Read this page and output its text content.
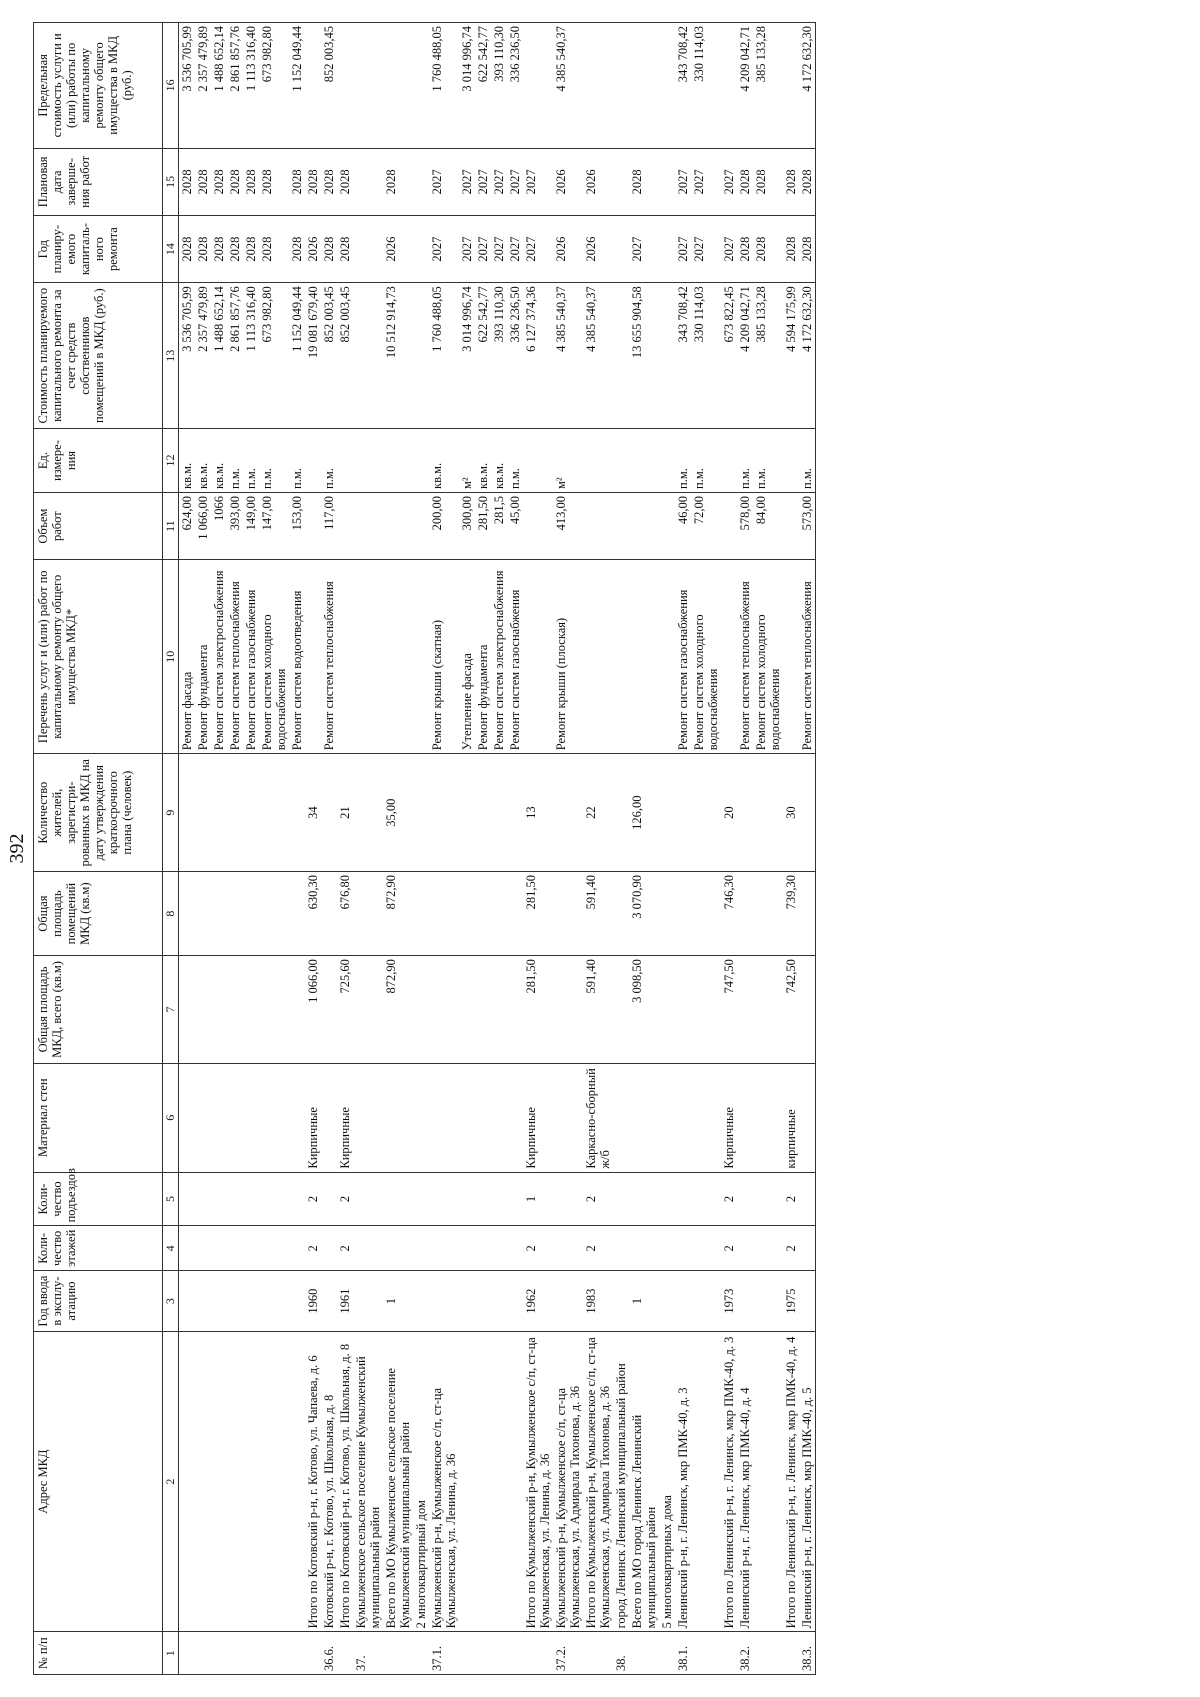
392
№ п/п	Адрес МКД	Год ввода в эксплу-атацию	Коли-чество этажей	Коли-чество подъездов	Материал стен	Общая площадь МКД, всего (кв.м)	Общая площадь помещений МКД (кв.м)	Количество жителей, зарегистри-рованных в МКД на дату утверждения краткосрочного плана (человек)	Перечень услуг и (или) работ по капитальному ремонту общего имущества МКД*	Объем работ	Ед. измере-ния	Стоимость планируемого капитального ремонта за счет средств собственников помещений в МКД (руб.)	Год планиру-емого капиталь-ного ремонта	Плановая дата заверше-ния работ	Предельная стоимость услуги и (или) работы по капитальному ремонту общего имущества в МКД (руб.)
1	2	3	4	5	6	7	8	9	10	11	12	13	14	15	16
									Ремонт фасада	624,00	кв.м.	3 536 705,99	2028	2028	3 536 705,99
									Ремонт фундамента	1 066,00	кв.м.	2 357 479,89	2028	2028	2 357 479,89
									Ремонт систем электроснабжения	1066	кв.м.	1 488 652,14	2028	2028	1 488 652,14
									Ремонт систем теплоснабжения	393,00	п.м.	2 861 857,76	2028	2028	2 861 857,76
									Ремонт систем газоснабжения	149,00	п.м.	1 113 316,40	2028	2028	1 113 316,40
									Ремонт систем холодного водоснабжения	147,00	п.м.	673 982,80	2028	2028	673 982,80
									Ремонт систем водоотведения	153,00	п.м.	1 152 049,44	2028	2028	1 152 049,44
	Итого по Котовский р-н, г. Котово, ул. Чапаева, д. 6	1960	2	2	Кирпичные	1 066,00	630,30	34				19 081 679,40	2026	2028	
36.6.	Котовский р-н, г. Котово, ул. Школьная, д. 8								Ремонт систем теплоснабжения	117,00	п.м.	852 003,45	2028	2028	852 003,45
	Итого по Котовский р-н, г. Котово, ул. Школьная, д. 8	1961	2	2	Кирпичные	725,60	676,80	21				852 003,45	2028	2028	
37.	Кумылженское сельское поселение Кумылженский муниципальный район														
	Всего по МО Кумылженское сельское поселение Кумылженский муниципальный район	1				872,90	872,90	35,00				10 512 914,73	2026	2028	
	2 многоквартирный дом														
37.1.	Кумылженский р-н, Кумылженское с/п, ст-ца Кумылженская, ул. Ленина, д. 36								Ремонт крыши (скатная)	200,00	кв.м.	1 760 488,05	2027	2027	1 760 488,05
									Утепление фасада	300,00	м²	3 014 996,74	2027	2027	3 014 996,74
									Ремонт фундамента	281,50	кв.м.	622 542,77	2027	2027	622 542,77
									Ремонт систем электроснабжения	281,5	кв.м.	393 110,30	2027	2027	393 110,30
									Ремонт систем газоснабжения	45,00	п.м.	336 236,50	2027	2027	336 236,50
	Итого по Кумылженский р-н, Кумылженское с/п, ст-ца Кумылженская, ул. Ленина, д. 36	1962	2	1	Кирпичные	281,50	281,50	13				6 127 374,36	2027	2027	
37.2.	Кумылженский р-н, Кумылженское с/п, ст-ца Кумылженская, ул. Адмирала Тихонова, д. 36								Ремонт крыши (плоская)	413,00	м²	4 385 540,37	2026	2026	4 385 540,37
	Итого по Кумылженский р-н, Кумылженское с/п, ст-ца Кумылженская, ул. Адмирала Тихонова, д. 36	1983	2	2	Каркасно-сборный ж/б	591,40	591,40	22				4 385 540,37	2026	2026	
38.	город Ленинск Ленинский муниципальный район														
	Всего по МО город Ленинск Ленинский муниципальный район	1				3 098,50	3 070,90	126,00				13 655 904,58	2027	2028	
	5 многоквартирных дома														
38.1.	Ленинский р-н, г. Ленинск, мкр ПМК-40, д. 3								Ремонт систем газоснабжения	46,00	п.м.	343 708,42	2027	2027	343 708,42
									Ремонт систем холодного водоснабжения	72,00	п.м.	330 114,03	2027	2027	330 114,03
	Итого по Ленинский р-н, г. Ленинск, мкр ПМК-40, д. 3	1973	2	2	Кирпичные	747,50	746,30	20				673 822,45	2027	2027	
38.2.	Ленинский р-н, г. Ленинск, мкр ПМК-40, д. 4								Ремонт систем теплоснабжения	578,00	п.м.	4 209 042,71	2028	2028	4 209 042,71
									Ремонт систем холодного водоснабжения	84,00	п.м.	385 133,28	2028	2028	385 133,28
	Итого по Ленинский р-н, г. Ленинск, мкр ПМК-40, д. 4	1975	2	2	кирпичные	742,50	739,30	30				4 594 175,99	2028	2028	
38.3.	Ленинский р-н, г. Ленинск, мкр ПМК-40, д. 5								Ремонт систем теплоснабжения	573,00	п.м.	4 172 632,30	2028	2028	4 172 632,30
